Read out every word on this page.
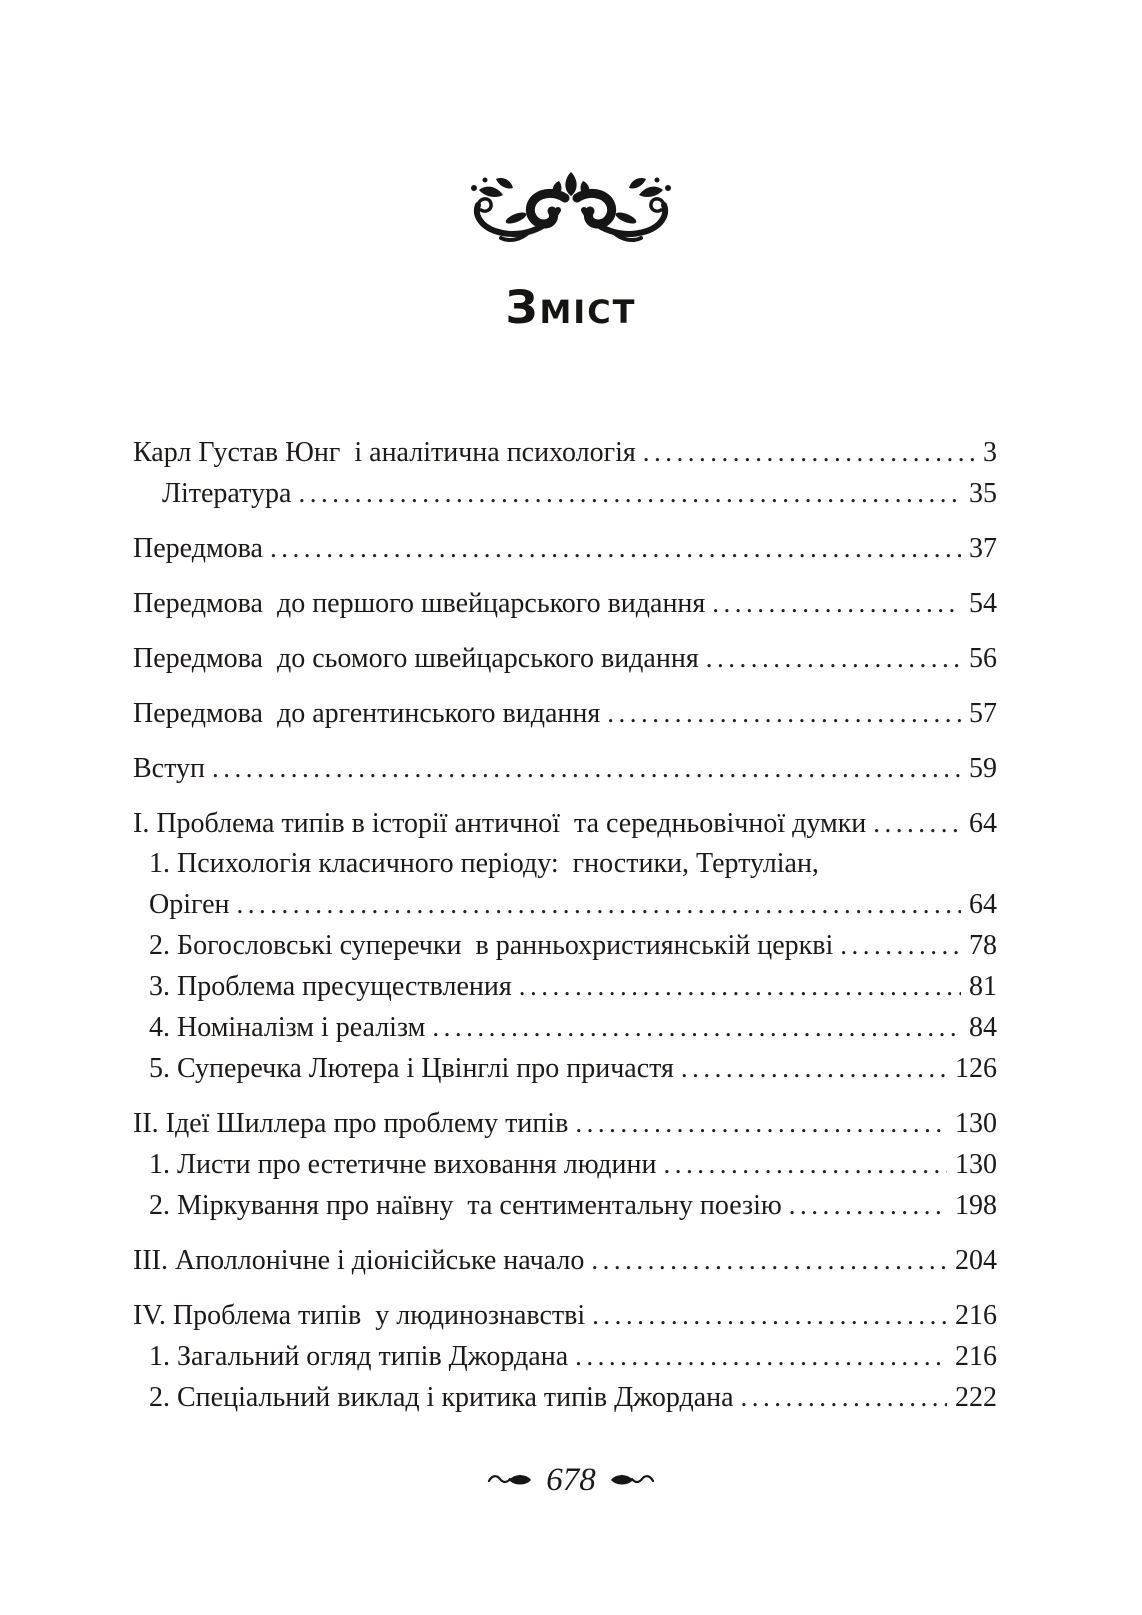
Зміст
Карл Густав Юнг  і аналітична психологія .....	3
Література .....	35
Передмова .....	37
Передмова  до першого швейцарського видання .....	54
Передмова  до сьомого швейцарського видання .....	56
Передмова  до аргентинського видання .....	57
Вступ .....	59
I. Проблема типів в історії античної  та середньовічної думки .....	64
1. Психологія класичного періоду:  гностики, Тертуліан,
Оріген .....	64
2. Богословські суперечки  в ранньохристиянській церкві .....	78
3. Проблема пресуществления .....	81
4. Номіналізм і реалізм .....	84
5. Суперечка Лютера і Цвінглі про причастя .....	126
II. Ідеї Шиллера про проблему типів .....	130
1. Листи про естетичне виховання людини .....	130
2. Міркування про наївну  та сентиментальну поезію .....	198
III. Аполлонічне і діонісійське начало .....	204
IV. Проблема типів  у людинознавстві .....	216
1. Загальний огляд типів Джордана .....	216
2. Спеціальний виклад і критика типів Джордана .....	222
678
